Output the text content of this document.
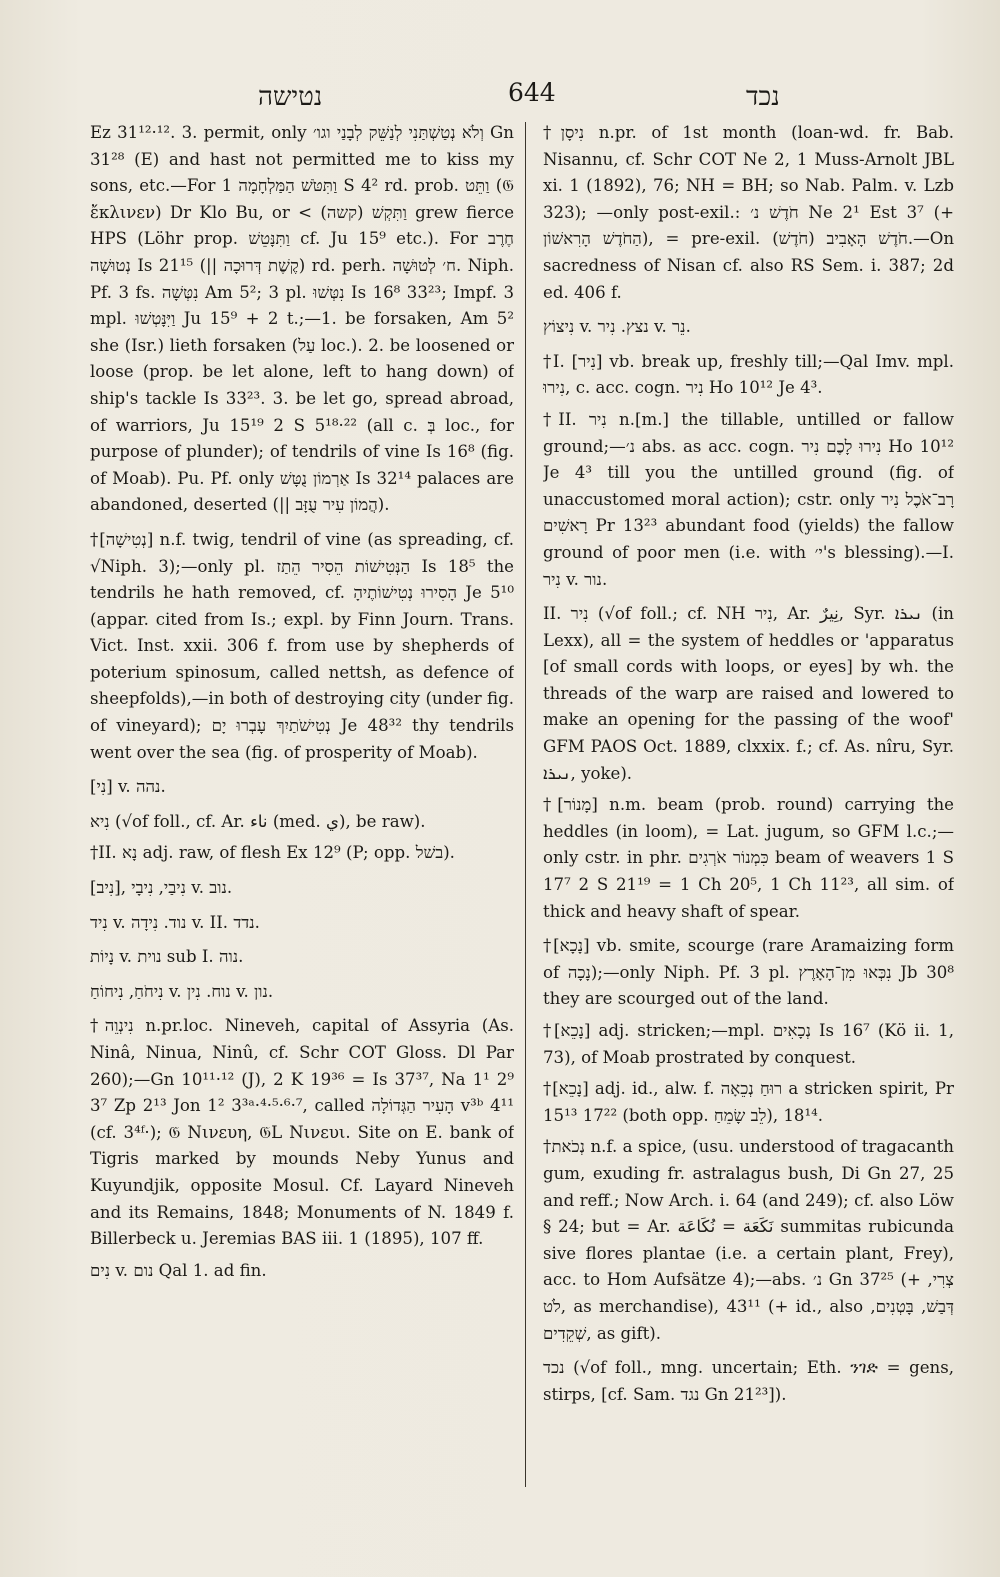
נטישה	644	נכד

Ez 31¹²·¹². 3. permit, only וְלֹא נְטַשְׁתַּנִי לְנַשֵּׁק לְבָנַי וגו׳ Gn 31²⁸ (E) and hast not permitted me to kiss my sons, etc.—For וַתִּטֹּשׁ הַמַּלְחָמָה 1 S 4² rd. prob. וַתֵּט (𝔊 ἔκλινεν) Dr Klo Bu, or < וַתִּקְשׁ (קשה) grew fierce HPS (Löhr prop. וַתִּנָּטֵשׁ cf. Ju 15⁹ etc.). For חֶרֶב נְטוּשָׁה Is 21¹⁵ (|| קֶשֶׁת דְּרוּכָה) rd. perh. ח׳ לְטוּשָׁה. Niph. Pf. 3 fs. נִטְּשָׁה Am 5²; 3 pl. נִטְּשׁוּ Is 16⁸ 33²³; Impf. 3 mpl. וַיִּנָּטְשׁוּ Ju 15⁹ + 2 t.;—1. be forsaken, Am 5² she (Isr.) lieth forsaken (עַל loc.). 2. be loosened or loose (prop. be let alone, left to hang down) of ship's tackle Is 33²³. 3. be let go, spread abroad, of warriors, Ju 15¹⁹ 2 S 5¹⁸·²² (all c. בְּ loc., for purpose of plunder); of tendrils of vine Is 16⁸ (fig. of Moab). Pu. Pf. only אַרְמוֹן נֻטָּשׁ Is 32¹⁴ palaces are abandoned, deserted (|| הֲמוֹן עִיר עֻזָּב).

†[נְטִישָׁה] n.f. twig, tendril of vine (as spreading, cf. √Niph. 3);—only pl. הַנְּטִישׁוֹת הֵסִיר הֵתַז Is 18⁵ the tendrils he hath removed, cf. הָסִירוּ נְטִישׁוֹתֶיהָ Je 5¹⁰ (appar. cited from Is.; expl. by Finn Journ. Trans. Vict. Inst. xxii. 306 f. from use by shepherds of poterium spinosum, called nettsh, as defence of sheepfolds),—in both of destroying city (under fig. of vineyard); נְטִישֹׁתַיִךְ עָבְרוּ יָם Je 48³² thy tendrils went over the sea (fig. of prosperity of Moab).

[נִי] v. נהה.

נִיא (√of foll., cf. Ar. ناء (med. ي), be raw).

†II. נָא adj. raw, of flesh Ex 12⁹ (P; opp. בשׁל).

[נִיב], נִיבַי, נִיבָי v. נוב.

נִיד v. נוד. נִידָה v. II. נדד.

נָיוֹת v. נוית sub I. נוה.

נִיחֹחַ, נִיחוֹחַ v. נוח. נִין v. נון.

†נִינְוֵה n.pr.loc. Nineveh, capital of Assyria (As. Ninâ, Ninua, Ninû, cf. Schr COT Gloss. Dl Par 260);—Gn 10¹¹·¹² (J), 2 K 19³⁶ = Is 37³⁷, Na 1¹ 2⁹ 3⁷ Zp 2¹³ Jon 1² 3³ᵃ·⁴·⁵·⁶·⁷, called הָעִיר הַגְּדוֹלָה v³ᵇ 4¹¹ (cf. 3⁴ᶠ·); 𝔊 Νινευη, 𝔊L Νινευι. Site on E. bank of Tigris marked by mounds Neby Yunus and Kuyundjik, opposite Mosul. Cf. Layard Nineveh and its Remains, 1848; Monuments of N. 1849 f. Billerbeck u. Jeremias BAS iii. 1 (1895), 107 ff.

נִים v. נום Qal 1. ad fin.

†נִיסָן n.pr. of 1st month (loan-wd. fr. Bab. Nisannu, cf. Schr COT Ne 2, 1 Muss-Arnolt JBL xi. 1 (1892), 76; NH = BH; so Nab. Palm. v. Lzb 323); —only post-exil.: חֹדֶשׁ נ׳ Ne 2¹ Est 3⁷ (+ הַחֹדֶשׁ הָרִאשׁוֹן), = pre-exil. חֹדֶשׁ הָאָבִיב (חֹדֶשׁ).—On sacredness of Nisan cf. also RS Sem. i. 387; 2d ed. 406 f.

נִיצוֹץ v. נצץ. נִיר v. נֵר.

†I. [נִיר] vb. break up, freshly till;—Qal Imv. mpl. נִירוּ, c. acc. cogn. נִיר Ho 10¹² Je 4³.

†II. נִיר n.[m.] the tillable, untilled or fallow ground;—נ׳ abs. as acc. cogn. נִירוּ לָכֶם נִיר Ho 10¹² Je 4³ till you the untilled ground (fig. of unaccustomed moral action); cstr. only רָב־אֹכֶל נִיר רָאשִׁים Pr 13²³ abundant food (yields) the fallow ground of poor men (i.e. with י׳'s blessing).—I. נִיר v. נור.

II. נִיר (√of foll.; cf. NH נִיר, Ar. نِيرٌ, Syr. ܢܝܪܐ (in Lexx), all = the system of heddles or 'apparatus [of small cords with loops, or eyes] by wh. the threads of the warp are raised and lowered to make an opening for the passing of the woof' GFM PAOS Oct. 1889, clxxix. f.; cf. As. nîru, Syr. ܢܝܪܐ, yoke).

†[מָנוֹר] n.m. beam (prob. round) carrying the heddles (in loom), = Lat. jugum, so GFM l.c.;—only cstr. in phr. כִּמְנוֹר אֹרְגִים beam of weavers 1 S 17⁷ 2 S 21¹⁹ = 1 Ch 20⁵, 1 Ch 11²³, all sim. of thick and heavy shaft of spear.

†[נָכָא] vb. smite, scourge (rare Aramaizing form of נָכָה);—only Niph. Pf. 3 pl. נִכְּאוּ מִן־הָאָרֶץ Jb 30⁸ they are scourged out of the land.

†[נָכֵא] adj. stricken;—mpl. נְכָאִים Is 16⁷ (Kö ii. 1, 73), of Moab prostrated by conquest.

†[נָכֵא] adj. id., alw. f. רוּחַ נְכֵאָה a stricken spirit, Pr 15¹³ 17²² (both opp. לֵב שָׂמֵחַ), 18¹⁴.

†נְכֹאת n.f. a spice, (usu. understood of tragacanth gum, exuding fr. astralagus bush, Di Gn 27, 25 and reff.; Now Arch. i. 64 (and 249); cf. also Löw § 24; but = Ar. نَكَعَة = نُكَاعَة summitas rubicunda sive flores plantae (i.e. a certain plant, Frey), acc. to Hom Aufsätze 4);—abs. נ׳ Gn 37²⁵ (+ צְרִי, לֹט, as merchandise), 43¹¹ (+ id., also דְּבַשׁ, בָּטְנִים, שְׁקֵדִים, as gift).

נכד (√of foll., mng. uncertain; Eth. ንገድ = gens, stirps, [cf. Sam. נגד Gn 21²³]).
